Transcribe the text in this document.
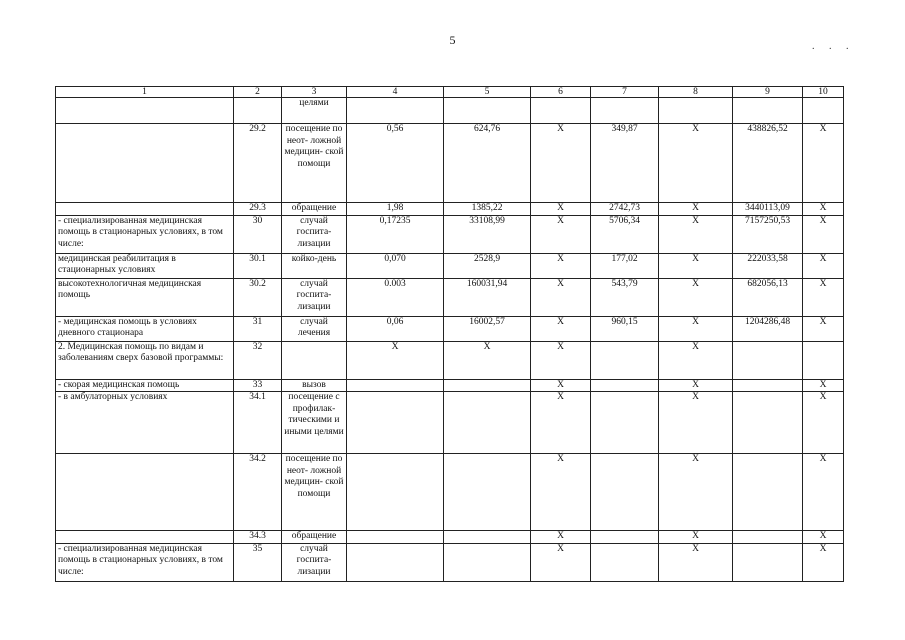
5	. . .
1	2	3	4	5	6	7	8	9	10
		целями							
	29.2	посещение по неот- ложной медицин- ской помощи	0,56	624,76	X	349,87	X	438826,52	X
	29.3	обращение	1,98	1385,22	X	2742,73	X	3440113,09	X
- специализированная медицинская помощь в стационарных условиях, в том числе:	30	случай госпита- лизации	0,17235	33108,99	X	5706,34	X	7157250,53	X
медицинская реабилитация в стационарных условиях	30.1	койко-день	0,070	2528,9	X	177,02	X	222033,58	X
высокотехнологичная медицинская помощь	30.2	случай госпита- лизации	0.003	160031,94	X	543,79	X	682056,13	X
- медицинская помощь в условиях дневного стационара	31	случай лечения	0,06	16002,57	X	960,15	X	1204286,48	X
2. Медицинская помощь по видам и заболеваниям сверх базовой программы:	32		X	X	X		X		
- скорая медицинская помощь	33	вызов			X		X		X
- в амбулаторных условиях	34.1	посещение с профилак- тическими и иными целями			X		X		X
	34.2	посещение по неот- ложной медицин- ской помощи			X		X		X
	34.3	обращение			X		X		X
- специализированная медицинская помощь в стационарных условиях, в том числе:	35	случай госпита- лизации			X		X		X
